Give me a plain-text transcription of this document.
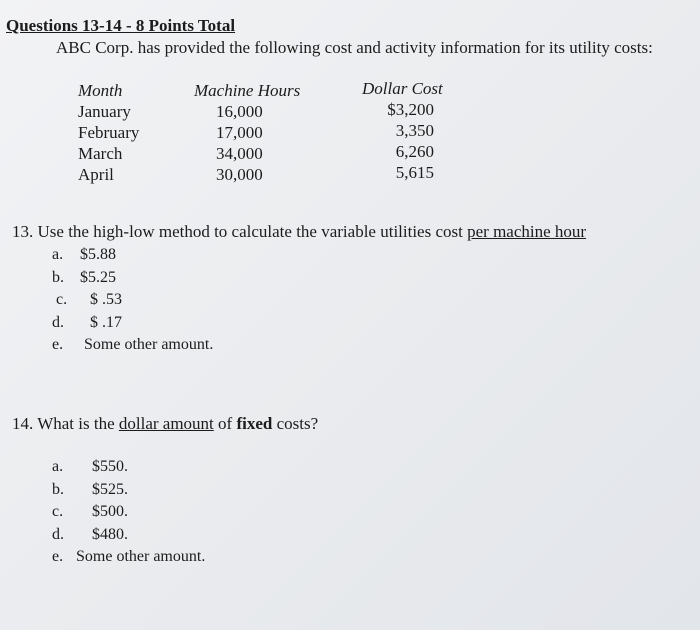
Questions 13-14 - 8 Points Total
ABC Corp. has provided the following cost and activity information for its utility costs:
Month
January
February
March
April
Machine Hours
16,000
17,000
34,000
30,000
Dollar Cost
$3,200
3,350
6,260
5,615
13. Use the high-low method to calculate the variable utilities cost per machine hour
a. $5.88
b. $5.25
c. $ .53
d. $ .17
e. Some other amount.
14. What is the dollar amount of fixed costs?
a. $550.
b. $525.
c. $500.
d. $480.
e. Some other amount.
